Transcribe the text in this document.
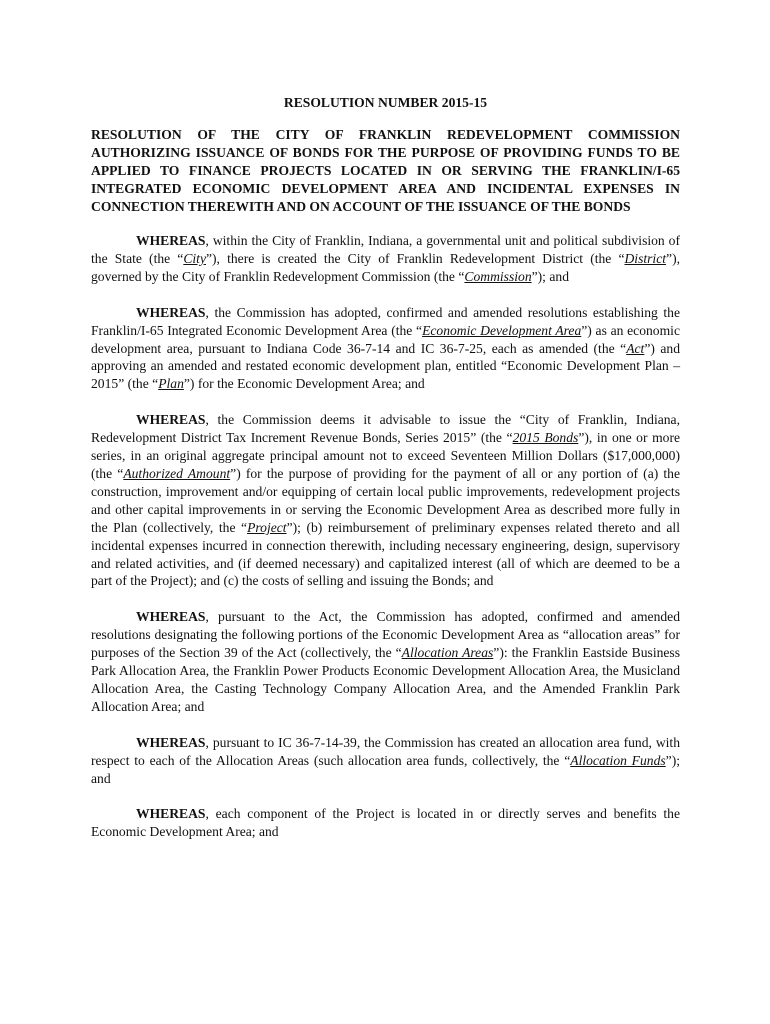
RESOLUTION NUMBER 2015-15
RESOLUTION OF THE CITY OF FRANKLIN REDEVELOPMENT COMMISSION AUTHORIZING ISSUANCE OF BONDS FOR THE PURPOSE OF PROVIDING FUNDS TO BE APPLIED TO FINANCE PROJECTS LOCATED IN OR SERVING THE FRANKLIN/I-65 INTEGRATED ECONOMIC DEVELOPMENT AREA AND INCIDENTAL EXPENSES IN CONNECTION THEREWITH AND ON ACCOUNT OF THE ISSUANCE OF THE BONDS

WHEREAS, within the City of Franklin, Indiana, a governmental unit and political subdivision of the State (the “City”), there is created the City of Franklin Redevelopment District (the “District”), governed by the City of Franklin Redevelopment Commission (the “Commission”); and

WHEREAS, the Commission has adopted, confirmed and amended resolutions establishing the Franklin/I-65 Integrated Economic Development Area (the “Economic Development Area”) as an economic development area, pursuant to Indiana Code 36-7-14 and IC 36-7-25, each as amended (the “Act”) and approving an amended and restated economic development plan, entitled “Economic Development Plan – 2015” (the “Plan”) for the Economic Development Area; and

WHEREAS, the Commission deems it advisable to issue the “City of Franklin, Indiana, Redevelopment District Tax Increment Revenue Bonds, Series 2015” (the “2015 Bonds”), in one or more series, in an original aggregate principal amount not to exceed Seventeen Million Dollars ($17,000,000) (the “Authorized Amount”) for the purpose of providing for the payment of all or any portion of (a) the construction, improvement and/or equipping of certain local public improvements, redevelopment projects and other capital improvements in or serving the Economic Development Area as described more fully in the Plan (collectively, the “Project”); (b) reimbursement of preliminary expenses related thereto and all incidental expenses incurred in connection therewith, including necessary engineering, design, supervisory and related activities, and (if deemed necessary) and capitalized interest (all of which are deemed to be a part of the Project); and (c) the costs of selling and issuing the Bonds; and

WHEREAS, pursuant to the Act, the Commission has adopted, confirmed and amended resolutions designating the following portions of the Economic Development Area as “allocation areas” for purposes of the Section 39 of the Act (collectively, the “Allocation Areas”): the Franklin Eastside Business Park Allocation Area, the Franklin Power Products Economic Development Allocation Area, the Musicland Allocation Area, the Casting Technology Company Allocation Area, and the Amended Franklin Park Allocation Area; and

WHEREAS, pursuant to IC 36-7-14-39, the Commission has created an allocation area fund, with respect to each of the Allocation Areas (such allocation area funds, collectively, the “Allocation Funds”); and

WHEREAS, each component of the Project is located in or directly serves and benefits the Economic Development Area; and
